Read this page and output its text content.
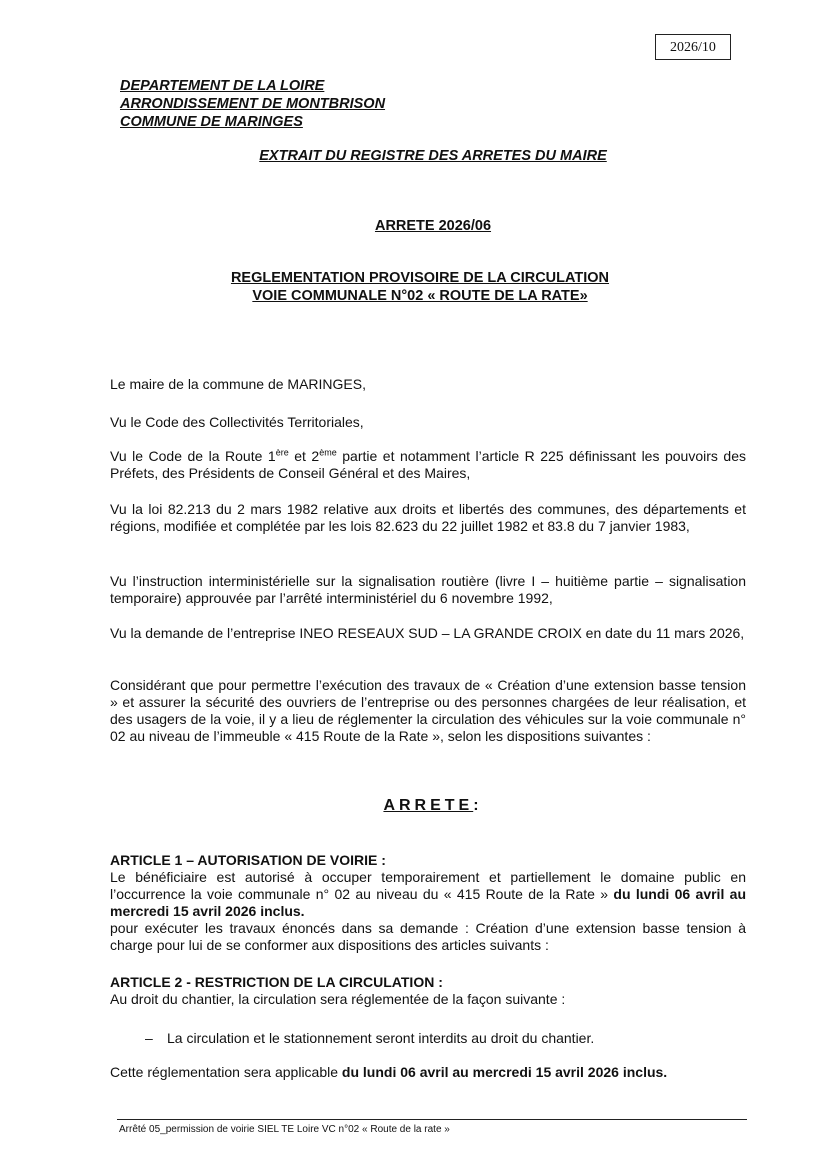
2026/10
DEPARTEMENT DE LA LOIRE
ARRONDISSEMENT DE MONTBRISON
COMMUNE DE MARINGES
EXTRAIT DU REGISTRE DES ARRETES DU MAIRE
ARRETE 2026/06
REGLEMENTATION PROVISOIRE DE LA CIRCULATION
VOIE COMMUNALE N°02 « ROUTE DE LA RATE»
Le maire de la commune de MARINGES,
Vu le Code des Collectivités Territoriales,
Vu le Code de la Route 1ère et 2ème partie et notamment l’article R 225 définissant les pouvoirs des Préfets, des Présidents de Conseil Général et des Maires,
Vu la loi 82.213 du 2 mars 1982 relative aux droits et libertés des communes, des départements et régions, modifiée et complétée par les lois 82.623 du 22 juillet 1982 et 83.8 du 7 janvier 1983,
Vu l’instruction interministérielle sur la signalisation routière (livre I – huitième partie – signalisation temporaire) approuvée par l’arrêté interministériel du 6 novembre 1992,
Vu la demande de l’entreprise INEO RESEAUX SUD – LA GRANDE CROIX en date du 11 mars 2026,
Considérant que pour permettre l’exécution des travaux de « Création d’une extension basse tension » et assurer la sécurité des ouvriers de l’entreprise ou des personnes chargées de leur réalisation, et des usagers de la voie, il y a lieu de réglementer la circulation des véhicules sur la voie communale n° 02 au niveau de l’immeuble « 415 Route de la Rate », selon les dispositions suivantes :
ARRETE:
ARTICLE 1 – AUTORISATION DE VOIRIE :
Le bénéficiaire est autorisé à occuper temporairement et partiellement le domaine public en l’occurrence la voie communale n° 02 au niveau du « 415 Route de la Rate » du lundi 06 avril au mercredi 15 avril 2026 inclus.
pour exécuter les travaux énoncés dans sa demande : Création d’une extension basse tension à charge pour lui de se conformer aux dispositions des articles suivants :
ARTICLE 2 - RESTRICTION DE LA CIRCULATION :
Au droit du chantier, la circulation sera réglementée de la façon suivante :
– La circulation et le stationnement seront interdits au droit du chantier.
Cette réglementation sera applicable du lundi 06 avril au mercredi 15 avril 2026 inclus.
Arrêté 05_permission de voirie SIEL TE Loire VC n°02 « Route de la rate »
